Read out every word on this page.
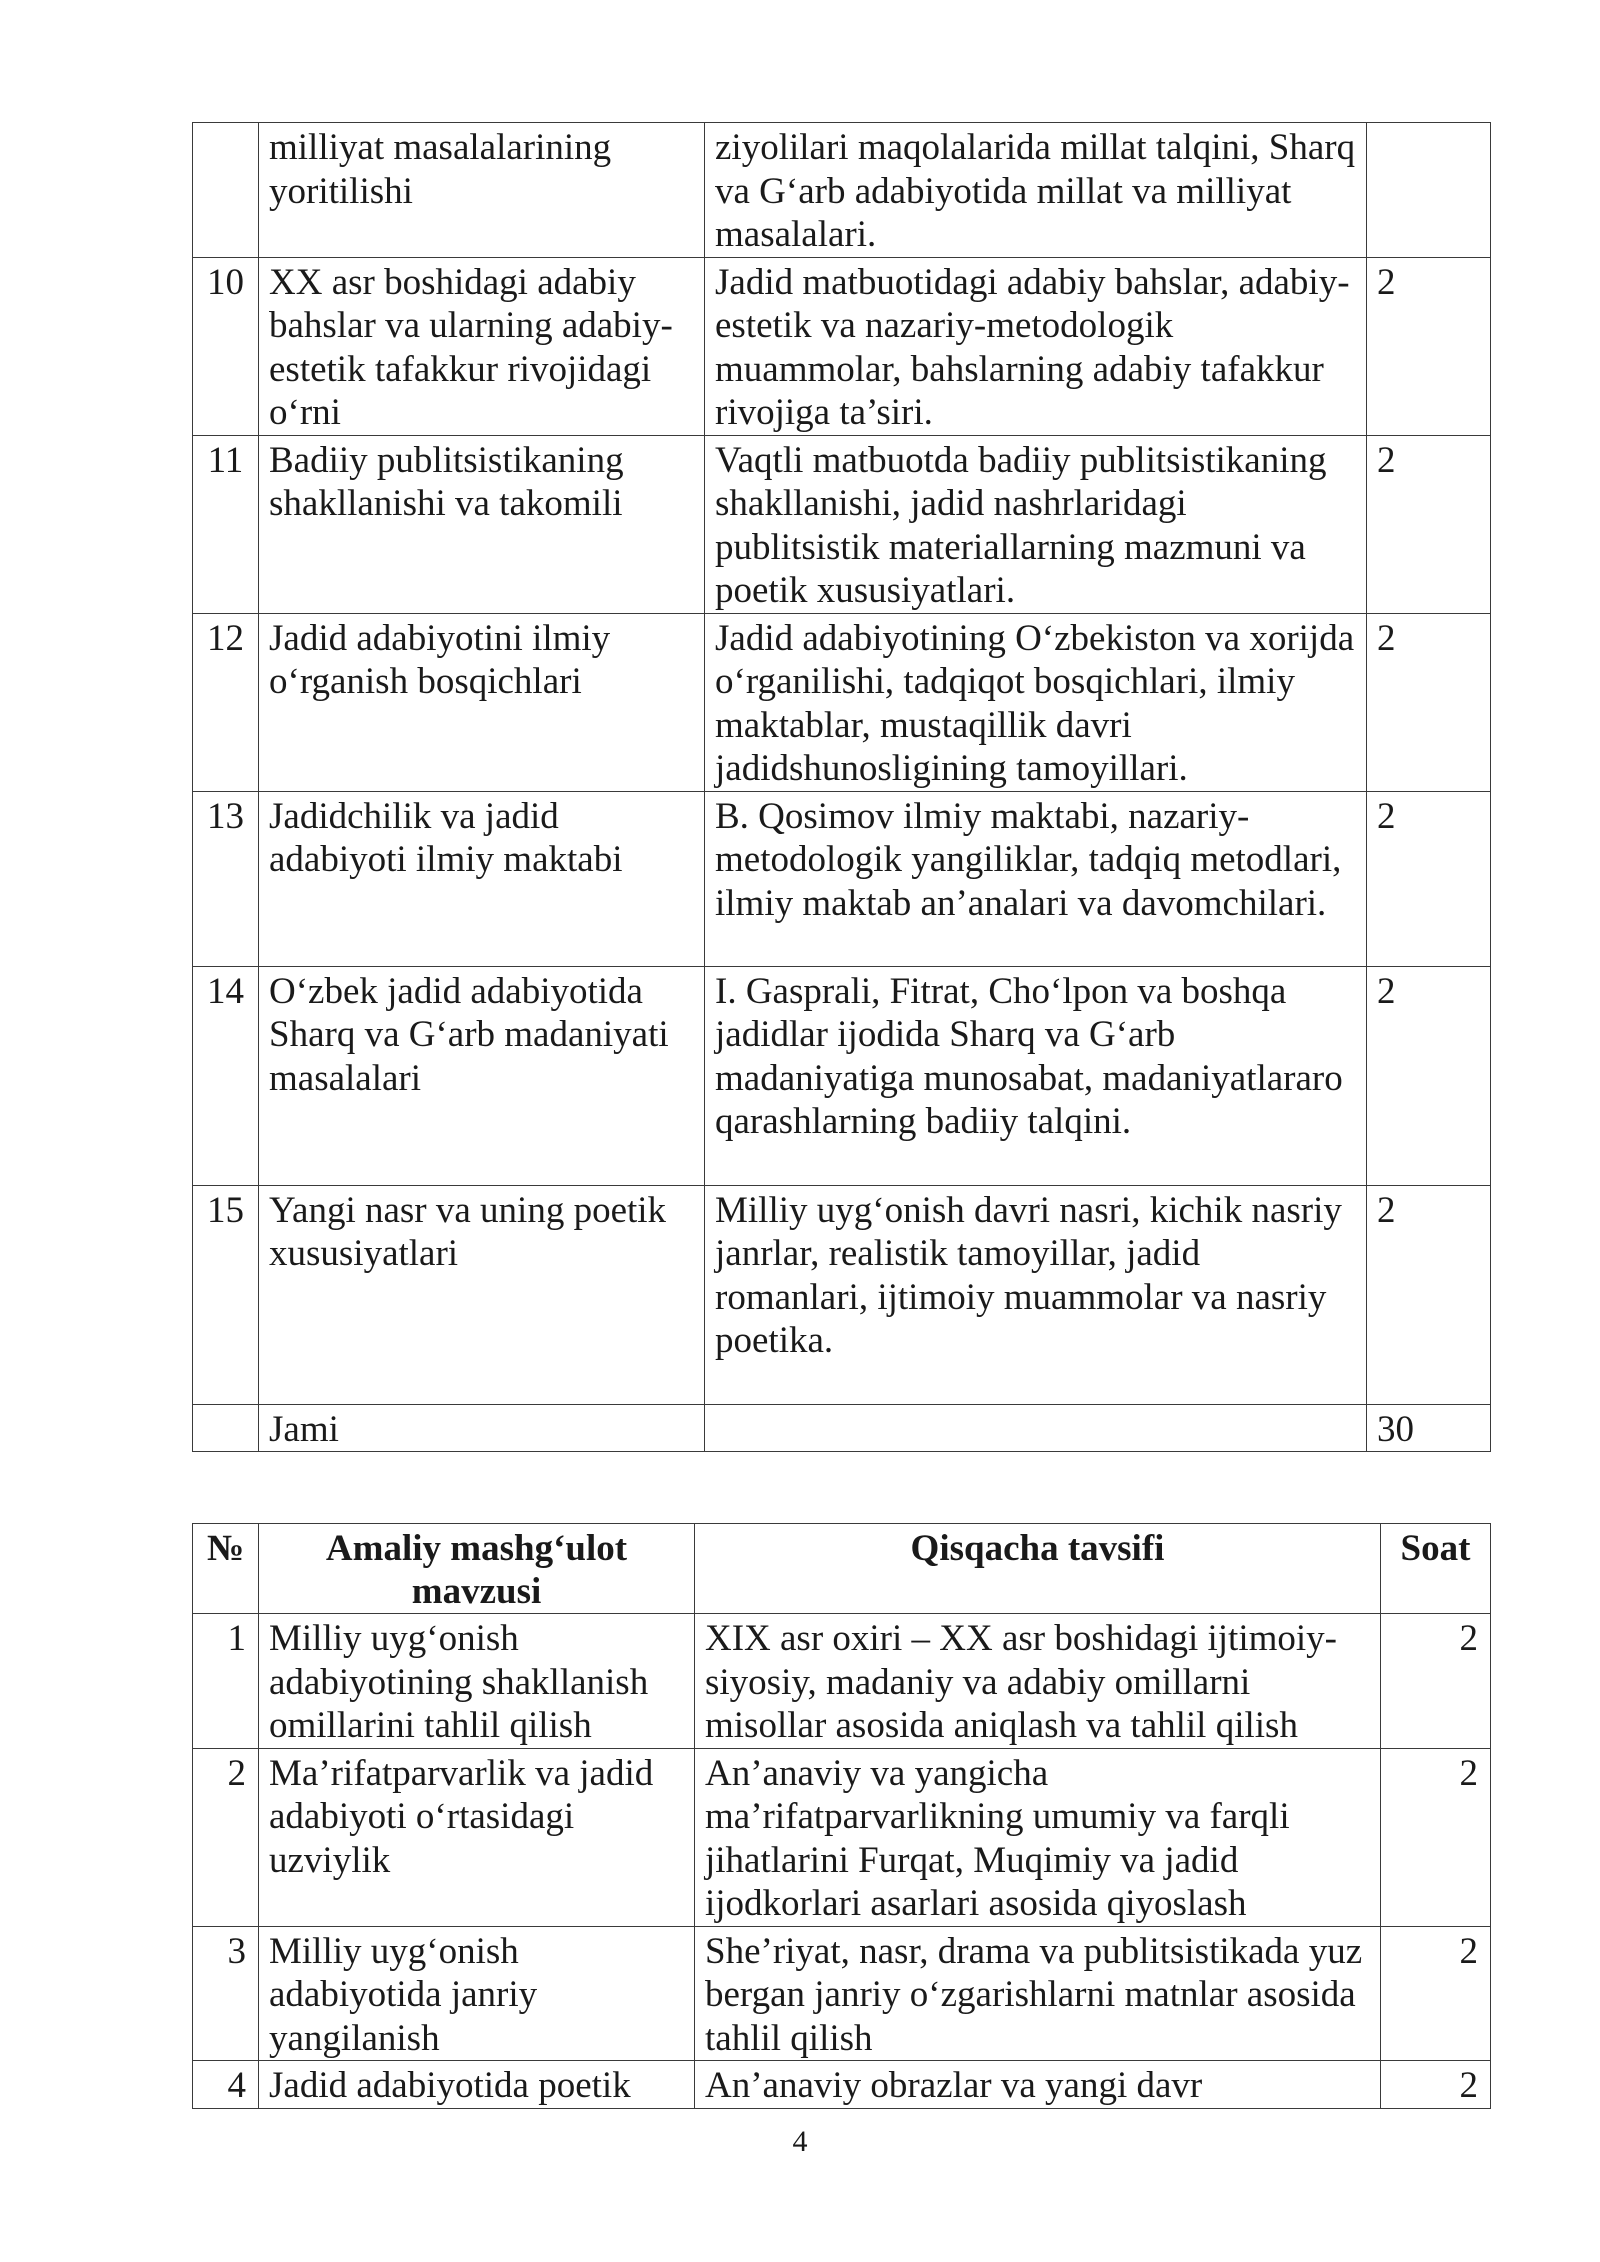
	milliyat masalalarining yoritilishi	ziyolilari maqolalarida millat talqini, Sharq va G‘arb adabiyotida millat va milliyat masalalari.	
10	XX asr boshidagi adabiy bahslar va ularning adabiy-estetik tafakkur rivojidagi o‘rni	Jadid matbuotidagi adabiy bahslar, adabiy-estetik va nazariy-metodologik muammolar, bahslarning adabiy tafakkur rivojiga ta’siri.	2
11	Badiiy publitsistikaning shakllanishi va takomili	Vaqtli matbuotda badiiy publitsistikaning shakllanishi, jadid nashrlaridagi publitsistik materiallarning mazmuni va poetik xususiyatlari.	2
12	Jadid adabiyotini ilmiy o‘rganish bosqichlari	Jadid adabiyotining O‘zbekiston va xorijda o‘rganilishi, tadqiqot bosqichlari, ilmiy maktablar, mustaqillik davri jadidshunosligining tamoyillari.	2
13	Jadidchilik va jadid adabiyoti ilmiy maktabi	B. Qosimov ilmiy maktabi, nazariy-metodologik yangiliklar, tadqiq metodlari, ilmiy maktab an’analari va davomchilari.	2
14	O‘zbek jadid adabiyotida Sharq va G‘arb madaniyati masalalari	I. Gasprali, Fitrat, Cho‘lpon va boshqa jadidlar ijodida Sharq va G‘arb madaniyatiga munosabat, madaniyatlararo qarashlarning badiiy talqini.	2
15	Yangi nasr va uning poetik xususiyatlari	Milliy uyg‘onish davri nasri, kichik nasriy janrlar, realistik tamoyillar, jadid romanlari, ijtimoiy muammolar va nasriy poetika.	2
	Jami		30
№	Amaliy mashg‘ulot mavzusi	Qisqacha tavsifi	Soat
1	Milliy uyg‘onish adabiyotining shakllanish omillarini tahlil qilish	XIX asr oxiri – XX asr boshidagi ijtimoiy-siyosiy, madaniy va adabiy omillarni misollar asosida aniqlash va tahlil qilish	2
2	Ma’rifatparvarlik va jadid adabiyoti o‘rtasidagi uzviylik	An’anaviy va yangicha ma’rifatparvarlikning umumiy va farqli jihatlarini Furqat, Muqimiy va jadid ijodkorlari asarlari asosida qiyoslash	2
3	Milliy uyg‘onish adabiyotida janriy yangilanish	She’riyat, nasr, drama va publitsistikada yuz bergan janriy o‘zgarishlarni matnlar asosida tahlil qilish	2
4	Jadid adabiyotida poetik	An’anaviy obrazlar va yangi davr	2
4
